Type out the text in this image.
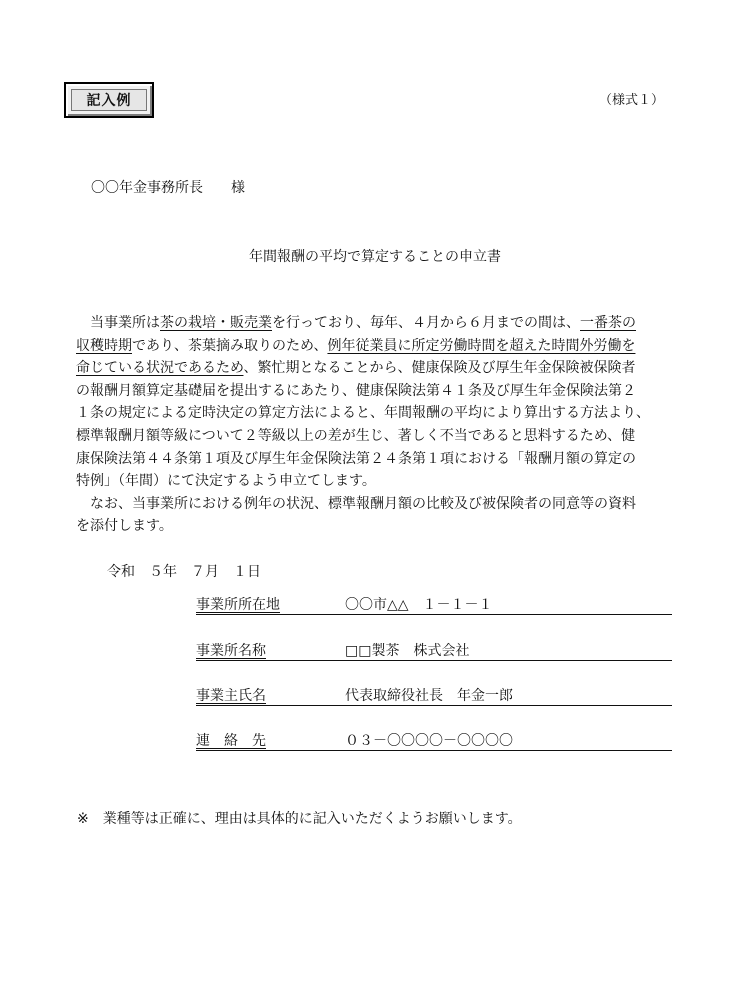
記入例	（様式１）
〇〇年金事務所長　　様
年間報酬の平均で算定することの申立書
　当事業所は茶の栽培・販売業を行っており、毎年、４月から６月までの間は、一番茶の
収穫時期であり、茶葉摘み取りのため、例年従業員に所定労働時間を超えた時間外労働を
命じている状況であるため、繁忙期となることから、健康保険及び厚生年金保険被保険者
の報酬月額算定基礎届を提出するにあたり、健康保険法第４１条及び厚生年金保険法第２
１条の規定による定時決定の算定方法によると、年間報酬の平均により算出する方法より、
標準報酬月額等級について２等級以上の差が生じ、著しく不当であると思料するため、健
康保険法第４４条第１項及び厚生年金保険法第２４条第１項における「報酬月額の算定の
特例」（年間）にて決定するよう申立てします。
　なお、当事業所における例年の状況、標準報酬月額の比較及び被保険者の同意等の資料
を添付します。
令和　５年　７月　１日
事業所所在地	〇〇市△△　１－１－１
事業所名称	□□製茶　株式会社
事業主氏名	代表取締役社長　年金一郎
連　絡　先	０３－〇〇〇〇－〇〇〇〇
※　業種等は正確に、理由は具体的に記入いただくようお願いします。
